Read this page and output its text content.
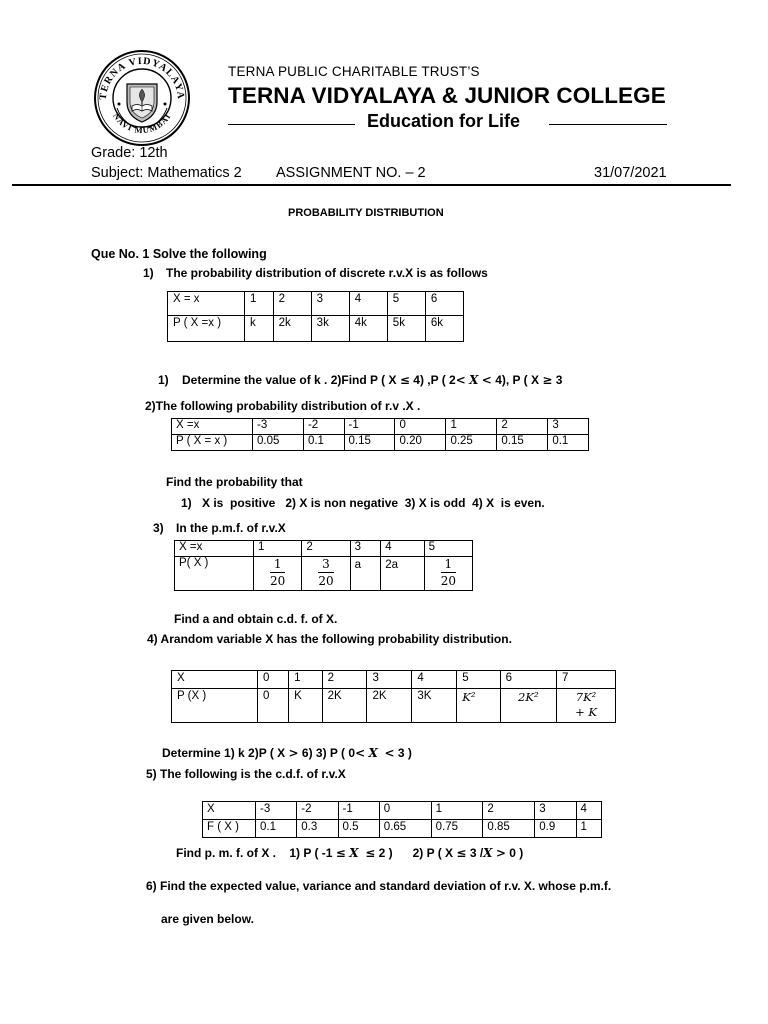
TERNA VIDYALAYA
NAVI MUMBAI
TERNA PUBLIC CHARITABLE TRUST’S
TERNA VIDYALAYA & JUNIOR COLLEGE
Education for Life
Grade: 12th
Subject: Mathematics 2 ASSIGNMENT NO. – 2	31/07/2021
PROBABILITY DISTRIBUTION
Que No. 1 Solve the following
1) The probability distribution of discrete r.v.X is as follows
X = x	1	2	3	4	5	6
P ( X =x )	k	2k	3k	4k	5k	6k
1) Determine the value of k . 2)Find P ( X ≤ 4) ,P ( 2< X < 4), P ( X ≥ 3
2)The following probability distribution of r.v .X .
X =x	-3	-2	-1	0	1	2	3
P ( X = x )	0.05	0.1	0.15	0.20	0.25	0.15	0.1
Find the probability that
1) X is  positive   2) X is non negative  3) X is odd  4) X  is even.
3) In the p.m.f. of r.v.X
X =x	1	2	3	4	5
P( X )	$\frac{1}{20}$	$\frac{3}{20}$	a	2a	$\frac{1}{20}$
Find a and obtain c.d. f. of X.
4) Arandom variable X has the following probability distribution.
X	0	1	2	3	4	5	6	7
P (X )	0	K	2K	2K	3K	K²	2K²	7K²
+ K
Determine 1) k 2)P ( X > 6) 3) P ( 0< X < 3 )
5) The following is the c.d.f. of r.v.X
X	-3	-2	-1	0	1	2	3	4
F ( X )	0.1	0.3	0.5	0.65	0.75	0.85	0.9	1
Find p. m. f. of X .    1) P ( -1 ≤ X ≤ 2 )      2) P ( X ≤ 3 /X > 0 )
6) Find the expected value, variance and standard deviation of r.v. X. whose p.m.f.
are given below.
